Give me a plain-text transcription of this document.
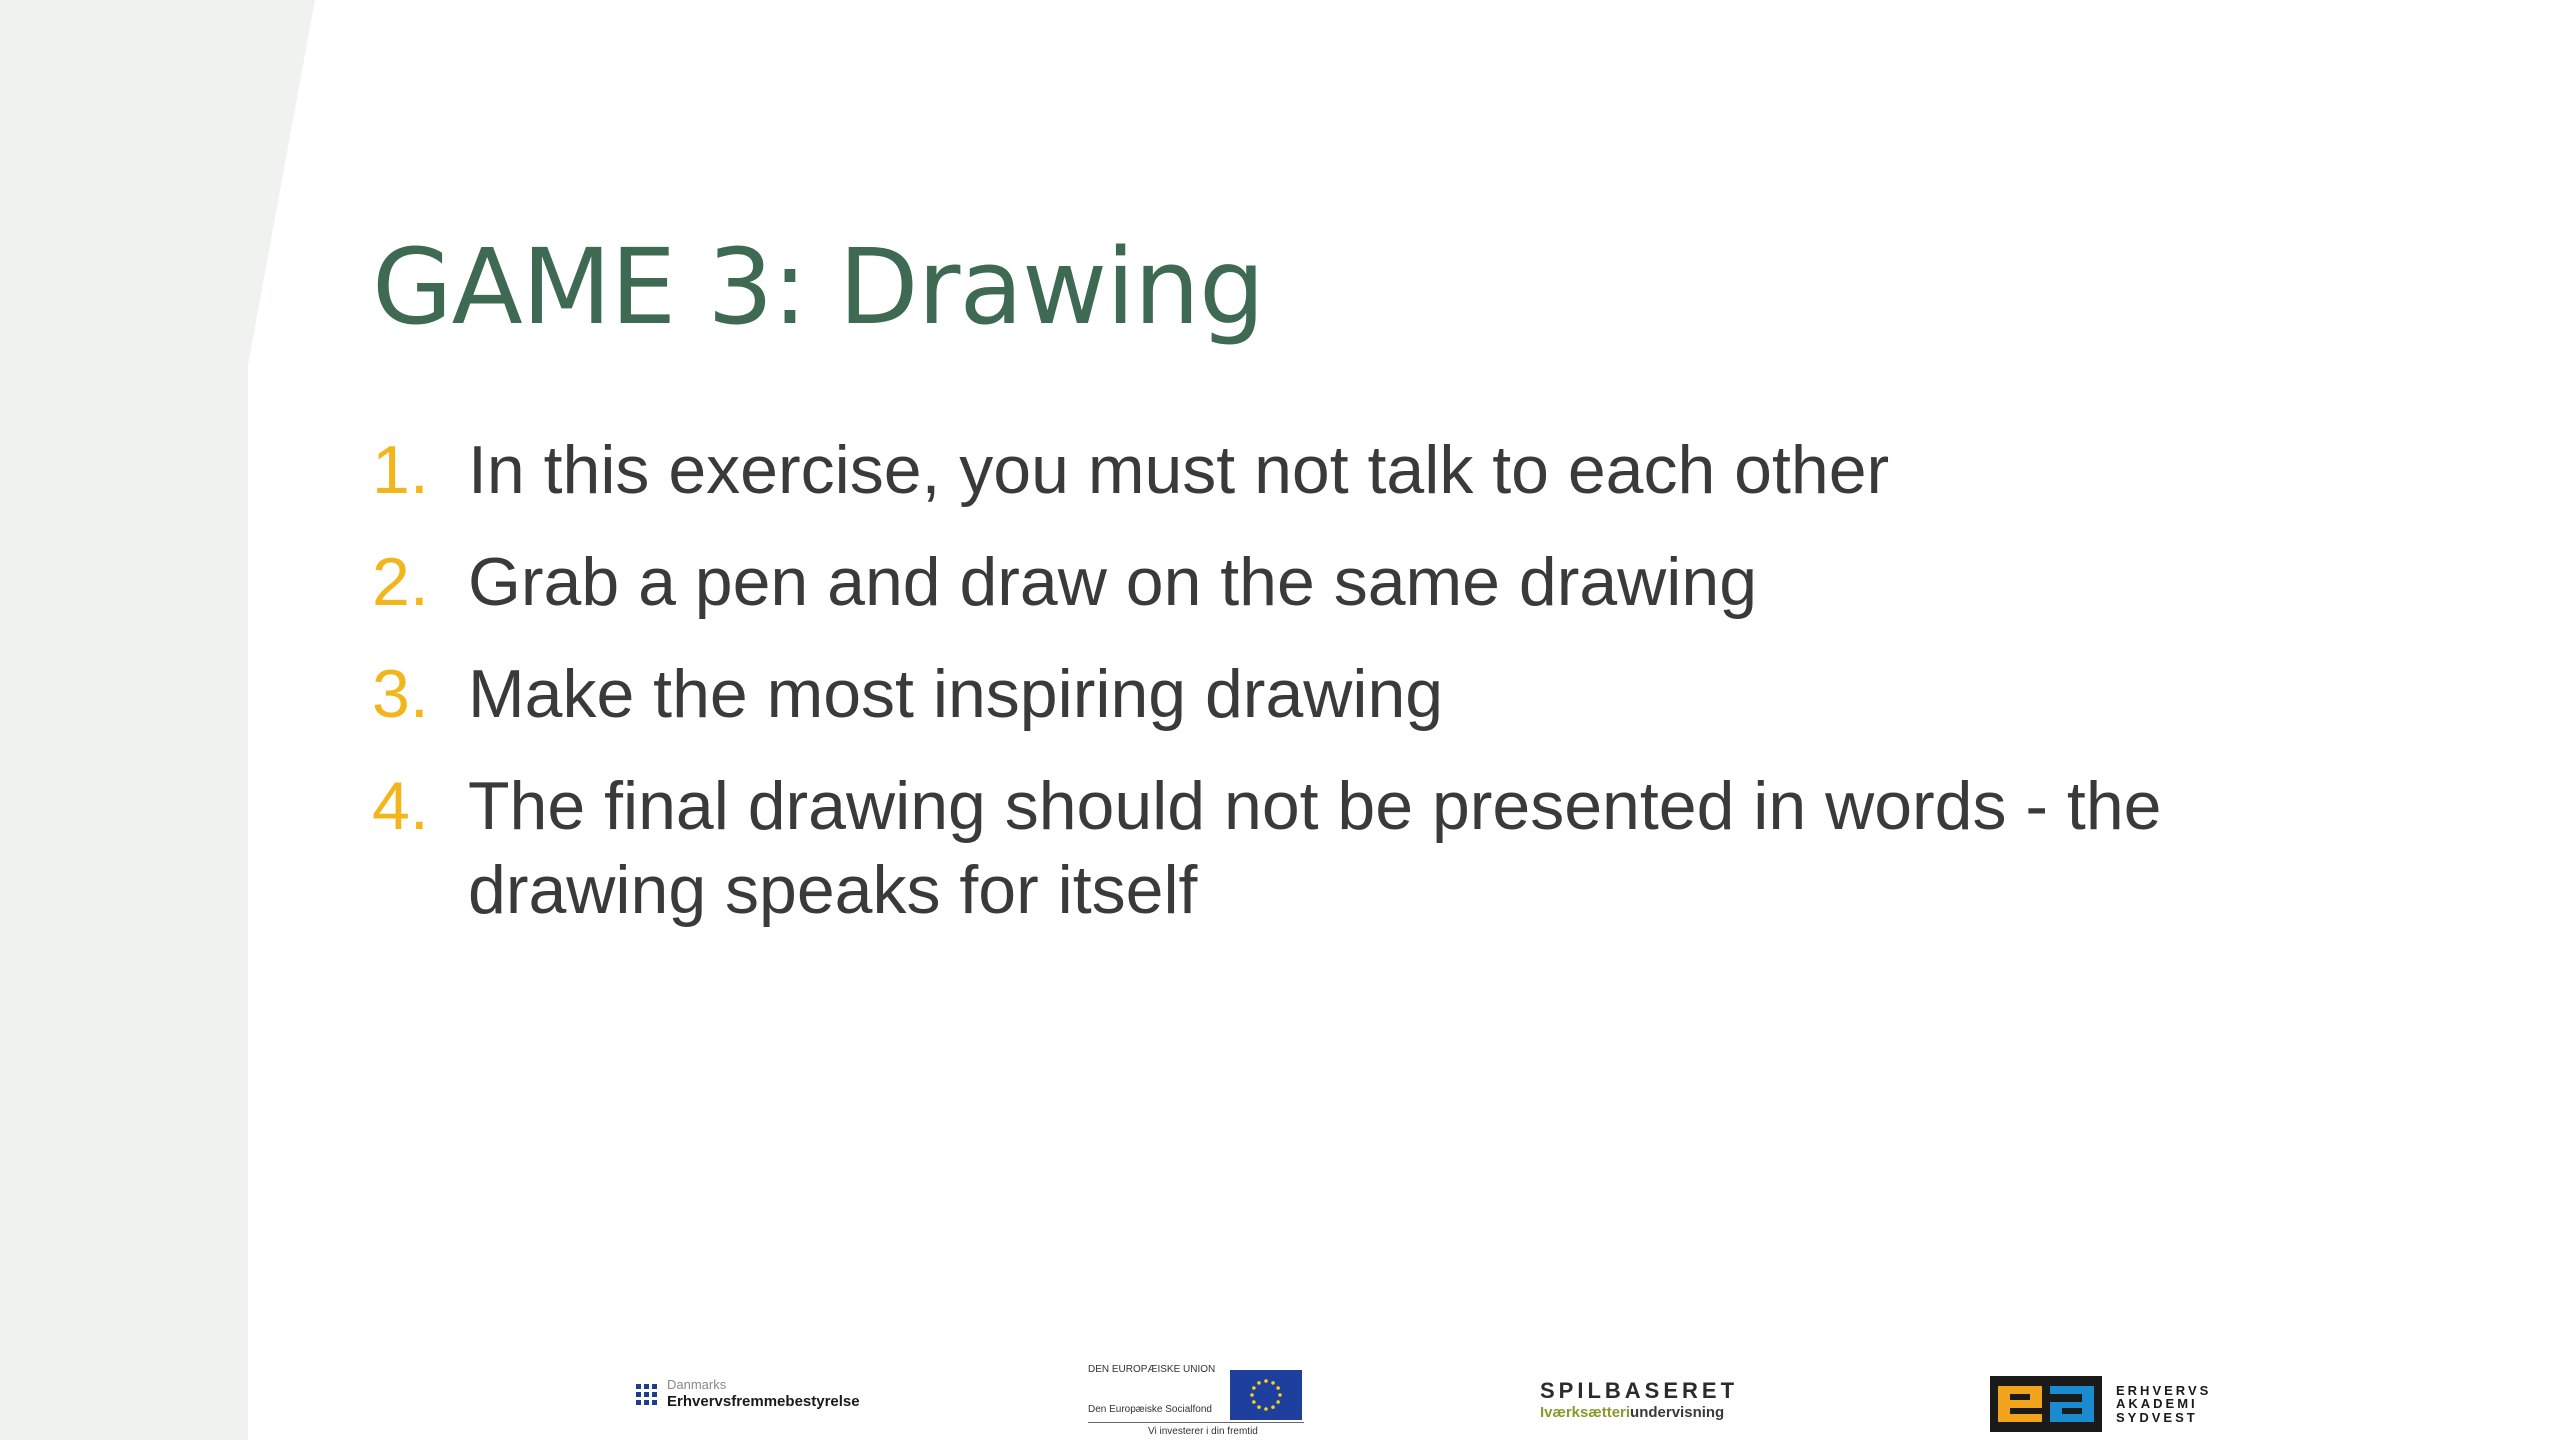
GAME 3: Drawing
1. In this exercise, you must not talk to each other
2. Grab a pen and draw on the same drawing
3. Make the most inspiring drawing
4. The final drawing should not be presented in words - the drawing speaks for itself
Danmarks
Erhvervsfremmebestyrelse
DEN EUROPÆISKE UNION
Den Europæiske Socialfond
Vi investerer i din fremtid
SPILBASERET
Iværksætteriundervisning
ERHVERVS
AKADEMI
SYDVEST
